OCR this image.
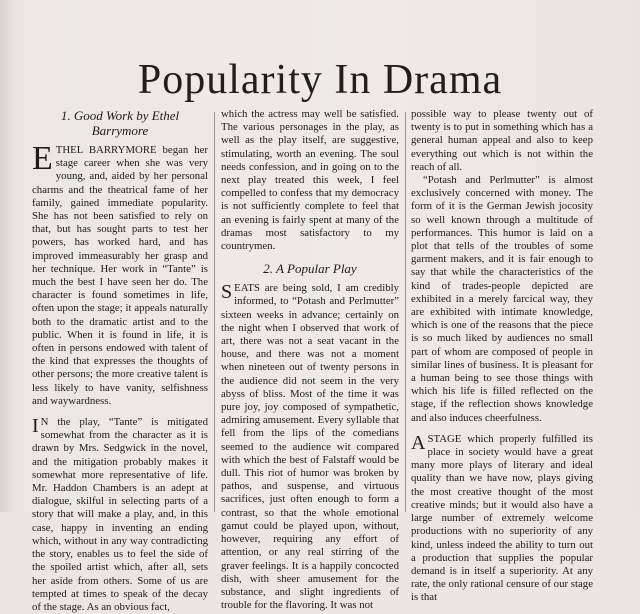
Popularity In Drama
1. Good Work by Ethel Barrymore

ETHEL BARRYMORE began her stage career when she was very young, and, aided by her personal charms and the theatrical fame of her family, gained immediate popularity. She has not been satisfied to rely on that, but has sought parts to test her powers, has worked hard, and has improved immeasurably her grasp and her technique. Her work in “Tante” is much the best I have seen her do. The character is found sometimes in life, often upon the stage; it appeals naturally both to the dramatic artist and to the public. When it is found in life, it is often in persons endowed with talent of the kind that expresses the thoughts of other persons; the more creative talent is less likely to have vanity, selfishness and waywardness.

I N the play, “Tante” is mitigated somewhat from the character as it is drawn by Mrs. Sedgwick in the novel, and the mitigation probably makes it somewhat more representative of life. Mr. Haddon Chambers is an adept at dialogue, skilful in selecting parts of a story that will make a play, and, in this case, happy in inventing an ending which, without in any way contradicting the story, enables us to feel the side of the spoiled artist which, after all, sets her aside from others. Some of us are tempted at times to speak of the decay of the stage. As an obvious fact,

which the actress may well be satisfied. The various personages in the play, as well as the play itself, are suggestive, stimulating, worth an evening. The soul needs confession, and in going on to the next play treated this week, I feel compelled to confess that my democracy is not sufficiently complete to feel that an evening is fairly spent at many of the dramas most satisfactory to my countrymen.

2. A Popular Play

SEATS are being sold, I am credibly informed, to “Potash and Perlmutter” sixteen weeks in advance; certainly on the night when I observed that work of art, there was not a seat vacant in the house, and there was not a moment when nineteen out of twenty persons in the audience did not seem in the very abyss of bliss. Most of the time it was pure joy, joy composed of sympathetic, admiring amusement. Every syllable that fell from the lips of the comedians seemed to the audience wit compared with which the best of Falstaff would be dull. This riot of humor was broken by pathos, and suspense, and virtuous sacrifices, just often enough to form a contrast, so that the whole emotional gamut could be played upon, without, however, requiring any effort of attention, or any real stirring of the graver feelings. It is a happily concocted dish, with sheer amusement for the substance, and slight ingredients of trouble for the flavoring. It was not

possible way to please twenty out of twenty is to put in something which has a general human appeal and also to keep everything out which is not within the reach of all.

“Potash and Perlmutter” is almost exclusively concerned with money. The form of it is the German Jewish jocosity so well known through a multitude of performances. This humor is laid on a plot that tells of the troubles of some garment makers, and it is fair enough to say that while the characteristics of the kind of trades-people depicted are exhibited in a merely farcical way, they are exhibited with intimate knowledge, which is one of the reasons that the piece is so much liked by audiences no small part of whom are composed of people in similar lines of business. It is pleasant for a human being to see those things with which his life is filled reflected on the stage, if the reflection shows knowledge and also induces cheerfulness.

A STAGE which properly fulfilled its place in society would have a great many more plays of literary and ideal quality than we have now, plays giving the most creative thought of the most creative minds; but it would also have a large number of extremely welcome productions with no superiority of any kind, unless indeed the ability to turn out a production that supplies the popular demand is in itself a superiority. At any rate, the only rational censure of our stage is that
